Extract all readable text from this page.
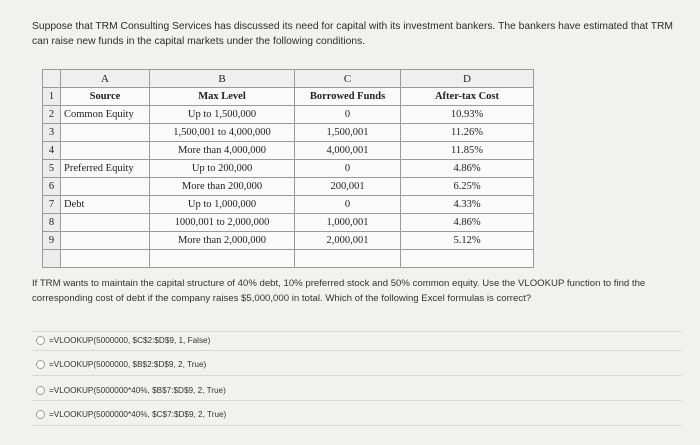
Suppose that TRM Consulting Services has discussed its need for capital with its investment bankers. The bankers have estimated that TRM can raise new funds in the capital markets under the following conditions.
	A	B	C	D
1	Source	Max Level	Borrowed Funds	After-tax Cost
2	Common Equity	Up to 1,500,000	0	10.93%
3		1,500,001 to 4,000,000	1,500,001	11.26%
4		More than 4,000,000	4,000,001	11.85%
5	Preferred Equity	Up to 200,000	0	4.86%
6		More than 200,000	200,001	6.25%
7	Debt	Up to 1,000,000	0	4.33%
8		1000,001 to 2,000,000	1,000,001	4.86%
9		More than 2,000,000	2,000,001	5.12%

If TRM wants to maintain the capital structure of 40% debt, 10% preferred stock and 50% common equity. Use the VLOOKUP function to find the corresponding cost of debt if the company raises $5,000,000 in total. Which of the following Excel formulas is correct?
=VLOOKUP(5000000, $C$2:$D$9, 1, False)
=VLOOKUP(5000000, $B$2:$D$9, 2, True)
=VLOOKUP(5000000*40%, $B$7:$D$9, 2, True)
=VLOOKUP(5000000*40%, $C$7:$D$9, 2, True)
